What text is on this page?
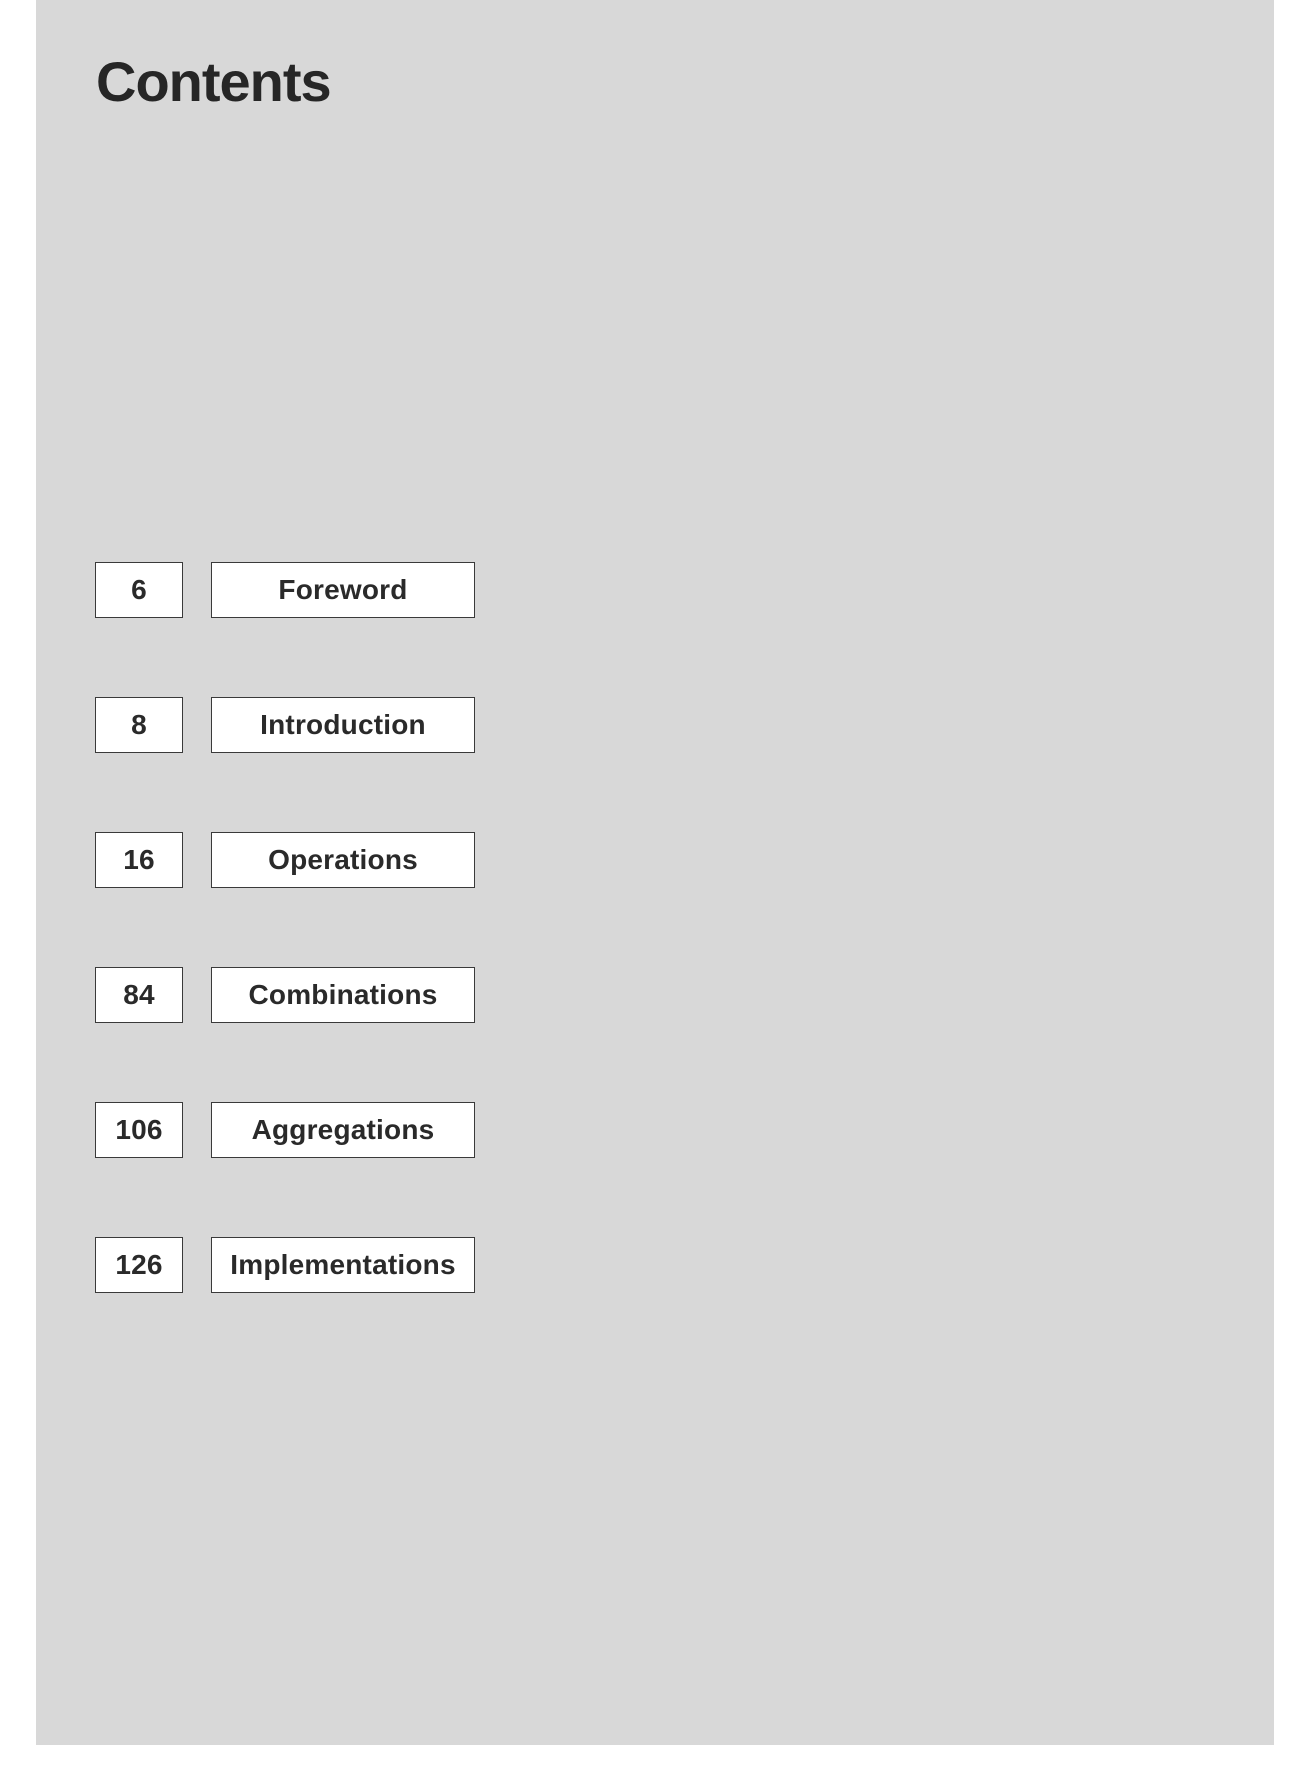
Contents
6	Foreword
8	Introduction
16	Operations
84	Combinations
106	Aggregations
126 Implementations
